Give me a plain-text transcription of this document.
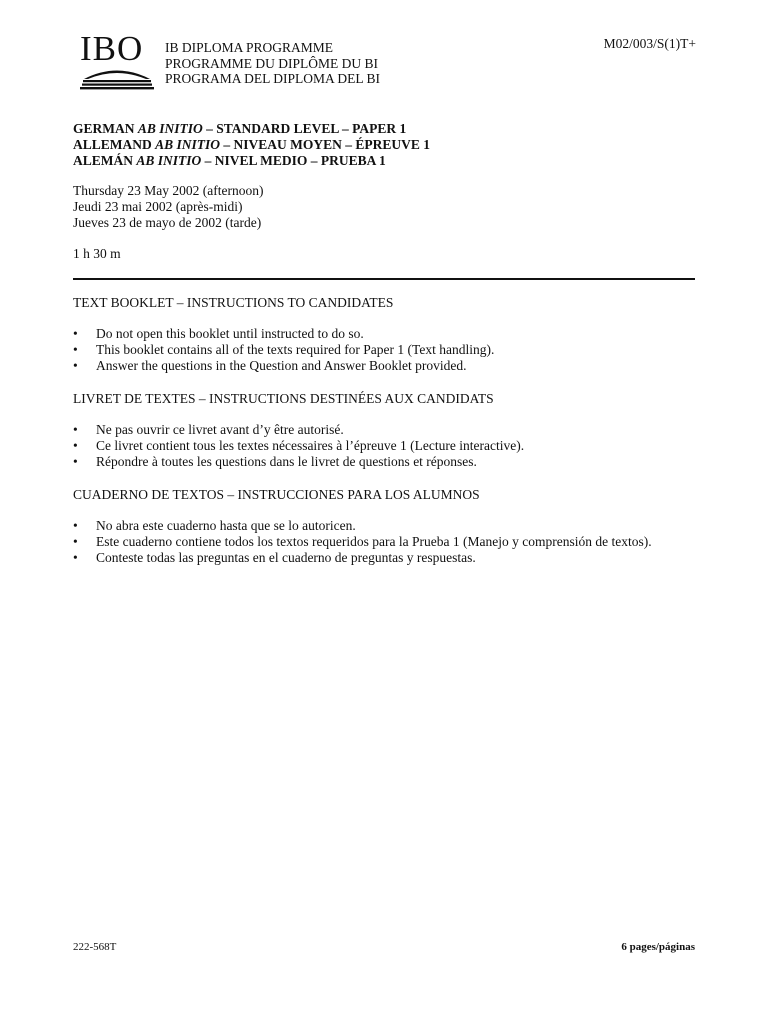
IBO	IB DIPLOMA PROGRAMME
PROGRAMME DU DIPLÔME DU BI
PROGRAMA DEL DIPLOMA DEL BI
M02/003/S(1)T+
GERMAN AB INITIO – STANDARD LEVEL – PAPER 1
ALLEMAND AB INITIO – NIVEAU MOYEN – ÉPREUVE 1
ALEMÁN AB INITIO – NIVEL MEDIO – PRUEBA 1
Thursday 23 May 2002 (afternoon)
Jeudi 23 mai 2002 (après-midi)
Jueves 23 de mayo de 2002 (tarde)
1 h 30 m
TEXT BOOKLET – INSTRUCTIONS TO CANDIDATES
• Do not open this booklet until instructed to do so.
• This booklet contains all of the texts required for Paper 1 (Text handling).
• Answer the questions in the Question and Answer Booklet provided.
LIVRET DE TEXTES – INSTRUCTIONS DESTINÉES AUX CANDIDATS
• Ne pas ouvrir ce livret avant d’y être autorisé.
• Ce livret contient tous les textes nécessaires à l’épreuve 1 (Lecture interactive).
• Répondre à toutes les questions dans le livret de questions et réponses.
CUADERNO DE TEXTOS – INSTRUCCIONES PARA LOS ALUMNOS
• No abra este cuaderno hasta que se lo autoricen.
• Este cuaderno contiene todos los textos requeridos para la Prueba 1 (Manejo y comprensión de textos).
• Conteste todas las preguntas en el cuaderno de preguntas y respuestas.
222-568T	6 pages/páginas
